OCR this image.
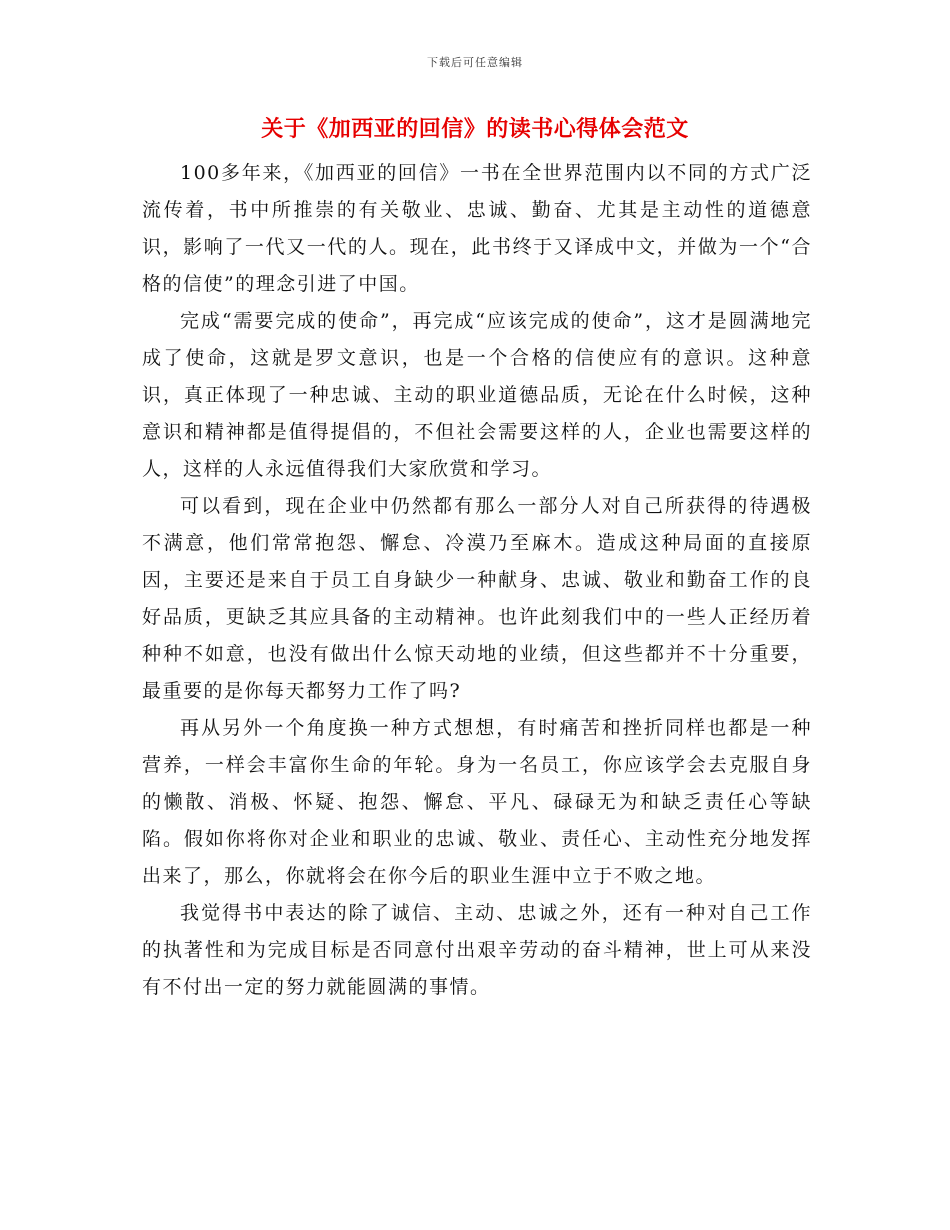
下载后可任意编辑
关于《加西亚的回信》的读书心得体会范文

100多年来，《加西亚的回信》一书在全世界范围内以不同的方式广泛流传着，书中所推崇的有关敬业、忠诚、勤奋、尤其是主动性的道德意识，影响了一代又一代的人。现在，此书终于又译成中文，并做为一个“合格的信使”的理念引进了中国。

完成“需要完成的使命”，再完成“应该完成的使命”，这才是圆满地完成了使命，这就是罗文意识，也是一个合格的信使应有的意识。这种意识，真正体现了一种忠诚、主动的职业道德品质，无论在什么时候，这种意识和精神都是值得提倡的，不但社会需要这样的人，企业也需要这样的人，这样的人永远值得我们大家欣赏和学习。

可以看到，现在企业中仍然都有那么一部分人对自己所获得的待遇极不满意，他们常常抱怨、懈怠、冷漠乃至麻木。造成这种局面的直接原因，主要还是来自于员工自身缺少一种献身、忠诚、敬业和勤奋工作的良好品质，更缺乏其应具备的主动精神。也许此刻我们中的一些人正经历着种种不如意，也没有做出什么惊天动地的业绩，但这些都并不十分重要，最重要的是你每天都努力工作了吗?

再从另外一个角度换一种方式想想，有时痛苦和挫折同样也都是一种营养，一样会丰富你生命的年轮。身为一名员工，你应该学会去克服自身的懒散、消极、怀疑、抱怨、懈怠、平凡、碌碌无为和缺乏责任心等缺陷。假如你将你对企业和职业的忠诚、敬业、责任心、主动性充分地发挥出来了，那么，你就将会在你今后的职业生涯中立于不败之地。

我觉得书中表达的除了诚信、主动、忠诚之外，还有一种对自己工作的执著性和为完成目标是否同意付出艰辛劳动的奋斗精神，世上可从来没有不付出一定的努力就能圆满的事情。
